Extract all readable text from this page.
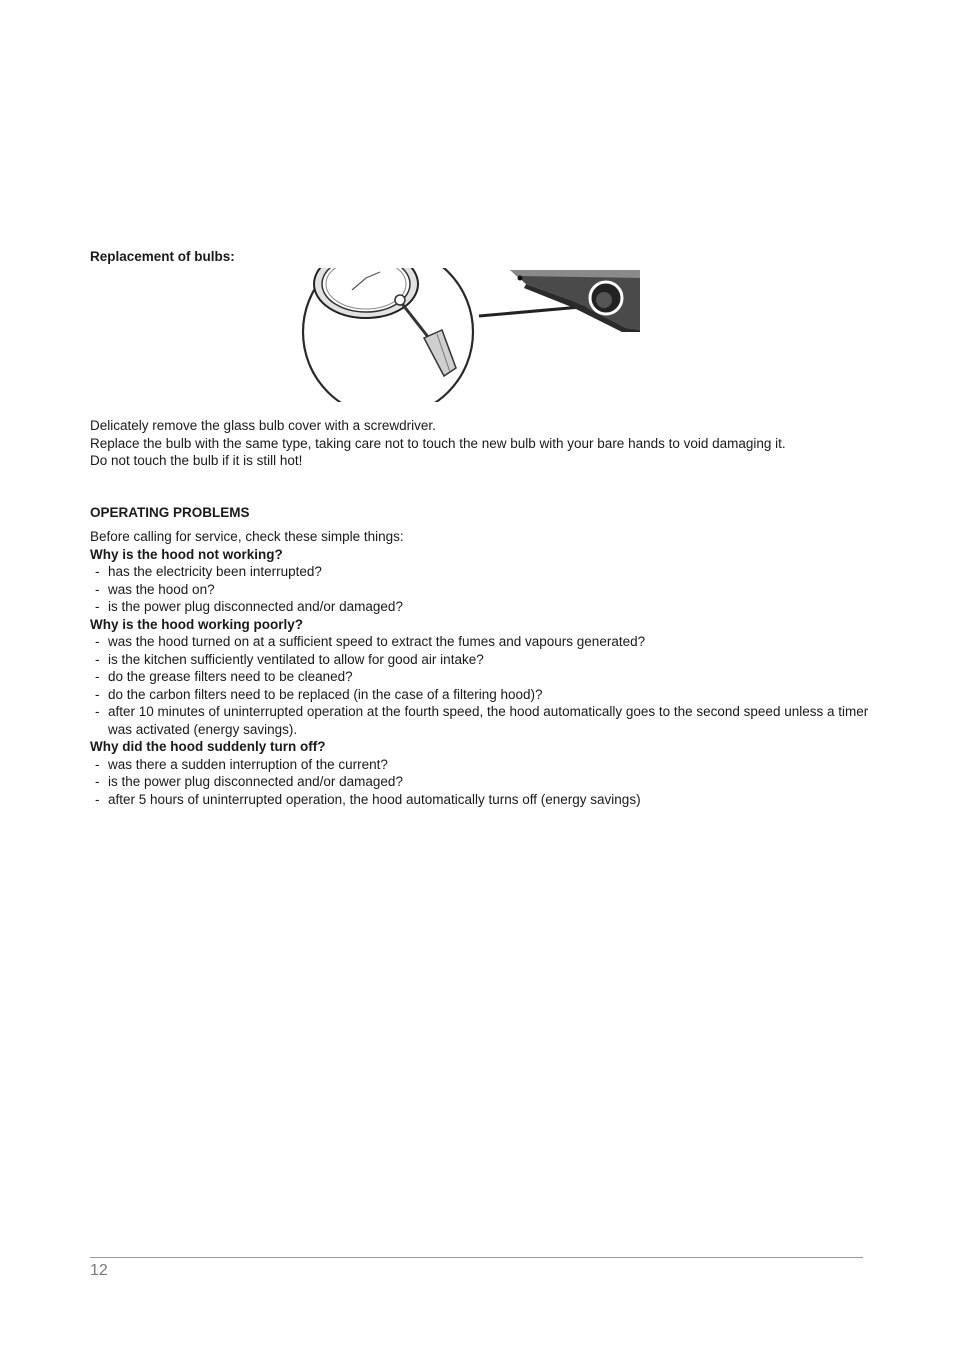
Replacement of bulbs:
Delicately remove the glass bulb cover with a screwdriver.
Replace the bulb with the same type, taking care not to touch the new bulb with your bare hands to void damaging it.
Do not touch the bulb if it is still hot!
OPERATING PROBLEMS
Before calling for service, check these simple things:
Why is the hood not working?
- has the electricity been interrupted?
- was the hood on?
- is the power plug disconnected and/or damaged?
Why is the hood working poorly?
- was the hood turned on at a sufficient speed to extract the fumes and vapours generated?
- is the kitchen sufficiently ventilated to allow for good air intake?
- do the grease filters need to be cleaned?
- do the carbon filters need to be replaced (in the case of a filtering hood)?
- after 10 minutes of uninterrupted operation at the fourth speed, the hood automatically goes to the second speed unless a timer was activated (energy savings).
Why did the hood suddenly turn off?
- was there a sudden interruption of the current?
- is the power plug disconnected and/or damaged?
- after 5 hours of uninterrupted operation, the hood automatically turns off (energy savings)
12
